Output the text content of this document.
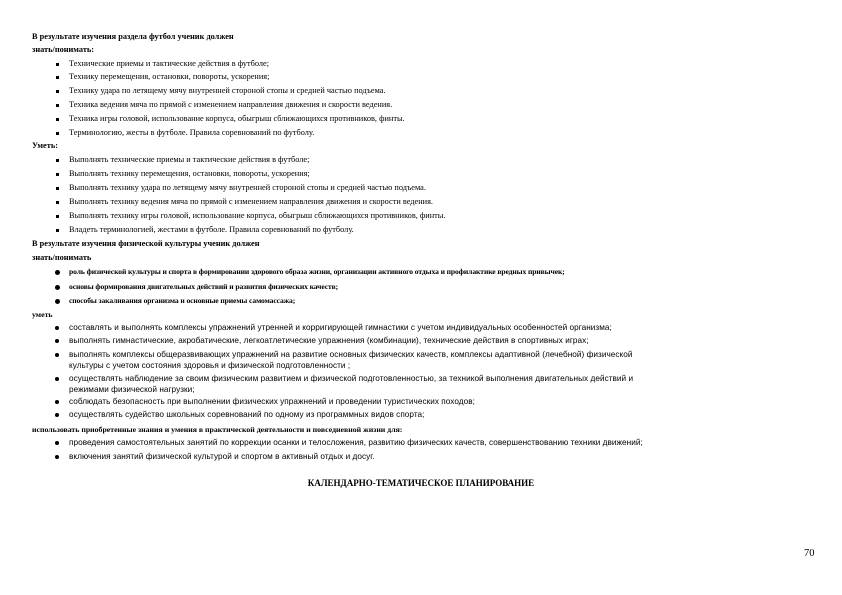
В результате изучения раздела футбол ученик должен
знать/понимать:
Технические приемы и тактические действия в футболе;
Технику перемещения, остановки, повороты, ускорения;
Технику удара по летящему мячу внутренней стороной стопы и средней частью подъема.
Техника ведения мяча по прямой с изменением направления движения и скорости ведения.
Техника игры головой, использование корпуса, обыгрыш сближающихся противников, финты.
Терминологию, жесты в футболе. Правила соревнований по футболу.
Уметь:
Выполнять технические приемы и тактические действия в футболе;
Выполнять технику перемещения, остановки, повороты, ускорения;
Выполнять технику удара по летящему мячу внутренней стороной стопы и средней частью подъема.
Выполнять технику ведения мяча по прямой с изменением направления движения и скорости ведения.
Выполнять технику игры головой, использование корпуса, обыгрыш сближающихся противников, финты.
Владеть терминологией, жестами в футболе. Правила соревнований по футболу.
В результате изучения физической культуры ученик должен
знать/понимать
роль физической культуры и спорта в формировании здорового образа жизни, организации активного отдыха и профилактике вредных привычек;
основы формирования двигательных действий и развития физических качеств;
способы закаливания организма и основные приемы самомассажа;
уметь
составлять и выполнять комплексы упражнений утренней и корригирующей гимнастики с учетом индивидуальных особенностей организма;
выполнять гимнастические, акробатические, легкоатлетические упражнения (комбинации), технические действия в спортивных играх;
выполнять комплексы общеразвивающих упражнений на развитие основных физических качеств, комплексы адаптивной (лечебной) физической
культуры с учетом состояния здоровья и физической подготовленности ;
осуществлять наблюдение за своим физическим развитием и физической подготовленностью, за техникой выполнения двигательных действий и
режимами физической нагрузки;
соблюдать безопасность при выполнении физических упражнений и проведении туристических походов;
осуществлять судейство школьных соревнований по одному из программных видов спорта;
использовать приобретенные знания и умения в практической деятельности и повседневной жизни для:
проведения самостоятельных занятий по коррекции осанки и телосложения, развитию физических качеств, совершенствованию техники движений;
включения занятий физической культурой и спортом в активный отдых и досуг.
КАЛЕНДАРНО-ТЕМАТИЧЕСКОЕ ПЛАНИРОВАНИЕ
70
